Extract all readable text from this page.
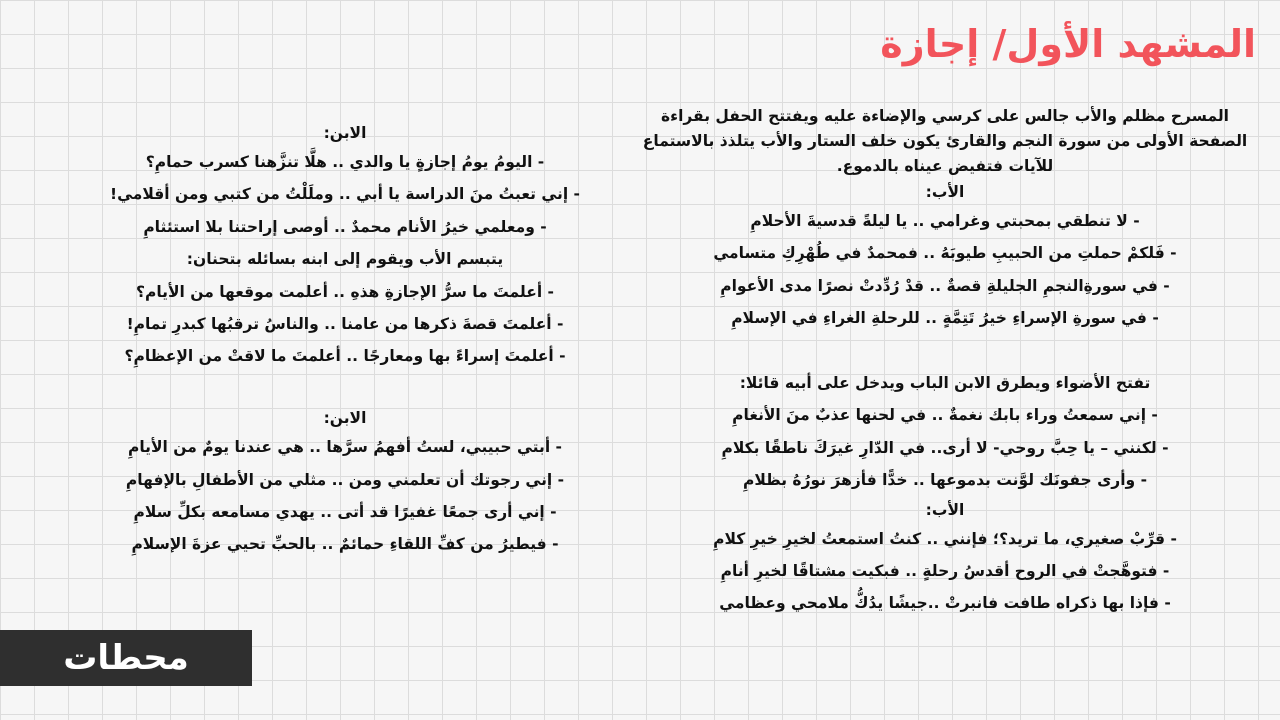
المشهد الأول/ إجازة
المسرح مظلم والأب جالس على كرسي والإضاءة عليه ويفتتح الحفل بقراءة الصفحة الأولى من سورة النجم والقارئ يكون خلف الستار والأب يتلذذ بالاستماع للآيات فتفيض عيناه بالدموع.
الأب:
- لا تنطقي بمحبتي وغرامي .. يا ليلةً قدسيةَ الأحلامِ
- فَلكمْ حملتِ من الحبيبِ طيوبَهُ .. فمحمدٌ في طُهْرِكِ متسامي
- في سورةِالنجمِ الجليلةِ قصةٌ .. قدْ رُدِّدتْ نصرًا مدى الأعوامِ
- في سورةِ الإسراءِ خيرُ تَتِمَّةٍ .. للرحلةِ الغراءِ في الإسلامِ
تفتح الأضواء ويطرق الابن الباب ويدخل على أبيه قائلا:
- إني سمعتُ وراء بابك نغمةٌ .. في لحنها عذبٌ منَ الأنغامِ
- لكنني – يا حِبَّ روحي- لا أرى.. في الدّارِ غيرَكَ ناطقًا بكلامِ
- وأرى جفونَك لوَّنت بدموعها .. خدًّا فأزهرَ نورُهُ بظلامِ
الأب:
- قرِّبْ صغيري، ما تريد؟؛ فإنني .. كنتُ استمعتُ لخيرِ خيرِ كلامِ
- فتوهَّجتْ في الروح أقدسُ رحلةٍ .. فبكيت مشتاقًا لخيرِ أنامِ
- فإذا بها ذكراه طافت فانبرتْ ..جيشًا يدُكُّ ملامحي وعظامي
الابن:
- اليومُ يومُ إجازةٍ يا والدي .. هلَّا تنزَّهنا كسرب حمامِ؟
- إني تعبتُ منَ الدراسة يا أبي .. وملَلْتُ من كتبي ومن أقلامي!
- ومعلمي خيرُ الأنام محمدٌ .. أوصى إراحتنا بلا استئثامِ
يتبسم الأب ويقوم إلى ابنه بسائله بتحنان:
- أعلمتَ ما سرُّ الإجازةِ هذهِ .. أعلمت موقعها من الأيام؟
- أعلمتَ قصةَ ذكرها من عامنا .. والناسُ ترقبُها كبدرِ تمامِ!
- أعلمتَ إسراءً بها ومعارجًا .. أعلمتَ ما لاقتْ من الإعظامِ؟
الابن:
- أبتي حبيبي، لستُ أفهمُ سرَّها .. هي عندنا يومٌ من الأيامِ
- إني رجوتك أن تعلمني ومن .. مثلي من الأطفالِ بالإفهامِ
- إني أرى جمعًا غفيرًا قد أتى .. يهدي مسامعه بكلِّ سلامِ
- فيطيرُ من كفِّ اللقاءِ حمائمٌ .. بالحبِّ تحيي عزةَ الإسلامِ
محطات
